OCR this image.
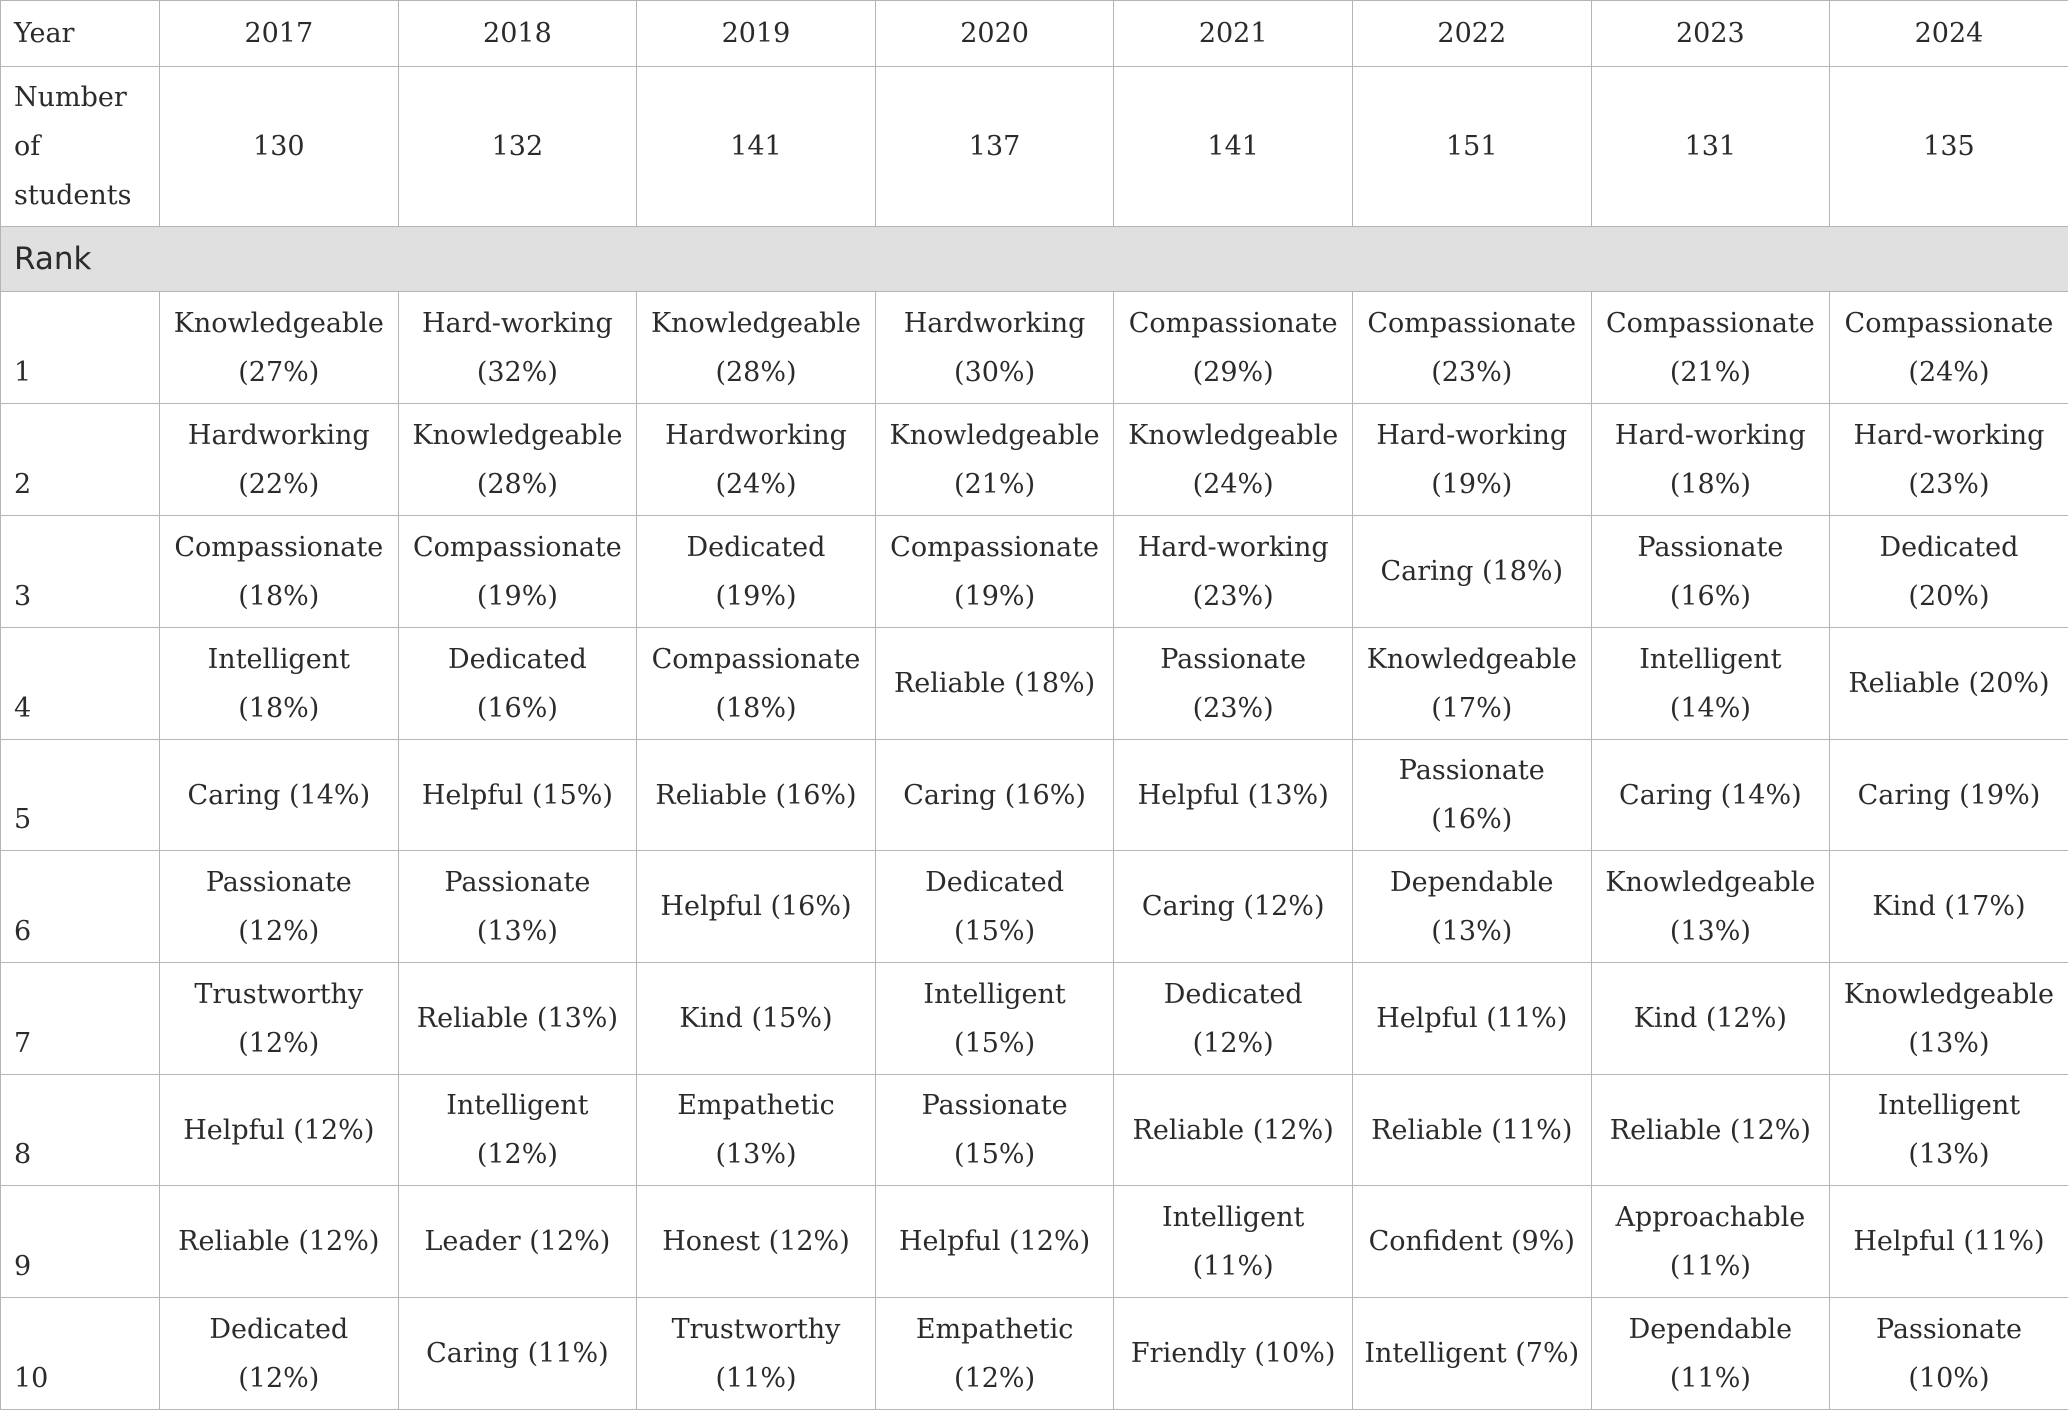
Year	2017	2018	2019	2020	2021	2022	2023	2024
Number of students	130	132	141	137	141	151	131	135
Rank								
1	Knowledgeable (27%)	Hard-working (32%)	Knowledgeable (28%)	Hardworking (30%)	Compassionate (29%)	Compassionate (23%)	Compassionate (21%)	Compassionate (24%)
2	Hardworking (22%)	Knowledgeable (28%)	Hardworking (24%)	Knowledgeable (21%)	Knowledgeable (24%)	Hard-working (19%)	Hard-working (18%)	Hard-working (23%)
3	Compassionate (18%)	Compassionate (19%)	Dedicated (19%)	Compassionate (19%)	Hard-working (23%)	Caring (18%)	Passionate (16%)	Dedicated (20%)
4	Intelligent (18%)	Dedicated (16%)	Compassionate (18%)	Reliable (18%)	Passionate (23%)	Knowledgeable (17%)	Intelligent (14%)	Reliable (20%)
5	Caring (14%)	Helpful (15%)	Reliable (16%)	Caring (16%)	Helpful (13%)	Passionate (16%)	Caring (14%)	Caring (19%)
6	Passionate (12%)	Passionate (13%)	Helpful (16%)	Dedicated (15%)	Caring (12%)	Dependable (13%)	Knowledgeable (13%)	Kind (17%)
7	Trustworthy (12%)	Reliable (13%)	Kind (15%)	Intelligent (15%)	Dedicated (12%)	Helpful (11%)	Kind (12%)	Knowledgeable (13%)
8	Helpful (12%)	Intelligent (12%)	Empathetic (13%)	Passionate (15%)	Reliable (12%)	Reliable (11%)	Reliable (12%)	Intelligent (13%)
9	Reliable (12%)	Leader (12%)	Honest (12%)	Helpful (12%)	Intelligent (11%)	Confident (9%)	Approachable (11%)	Helpful (11%)
10	Dedicated (12%)	Caring (11%)	Trustworthy (11%)	Empathetic (12%)	Friendly (10%)	Intelligent (7%)	Dependable (11%)	Passionate (10%)
